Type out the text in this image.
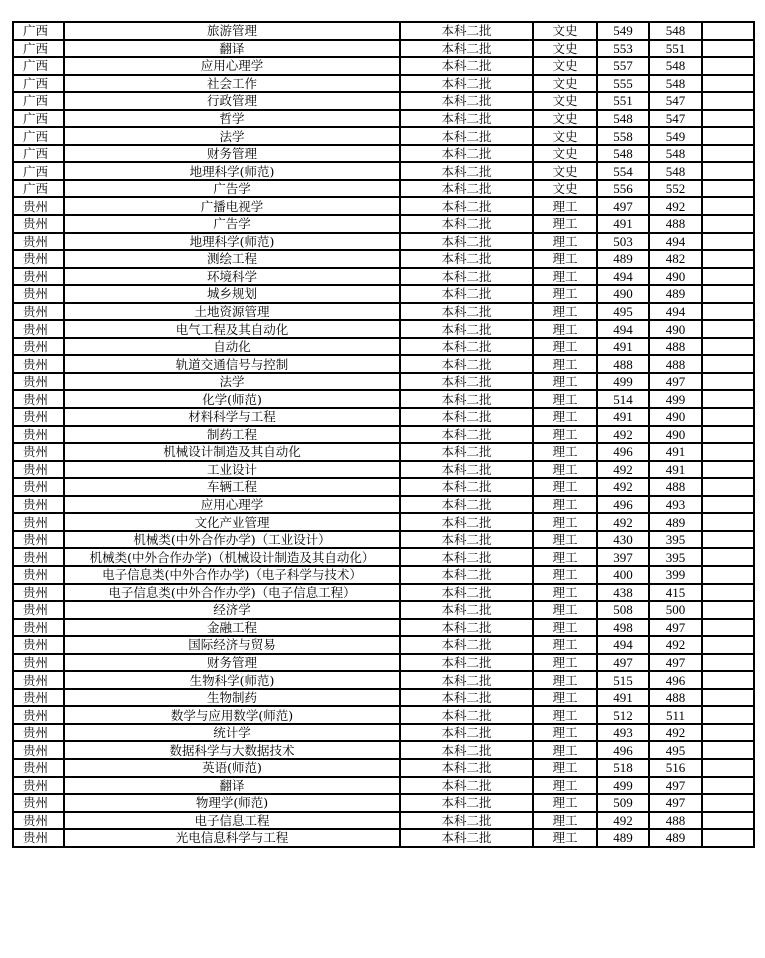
广西	旅游管理	本科二批	文史	549	548	
广西	翻译	本科二批	文史	553	551	
广西	应用心理学	本科二批	文史	557	548	
广西	社会工作	本科二批	文史	555	548	
广西	行政管理	本科二批	文史	551	547	
广西	哲学	本科二批	文史	548	547	
广西	法学	本科二批	文史	558	549	
广西	财务管理	本科二批	文史	548	548	
广西	地理科学(师范)	本科二批	文史	554	548	
广西	广告学	本科二批	文史	556	552	
贵州	广播电视学	本科二批	理工	497	492	
贵州	广告学	本科二批	理工	491	488	
贵州	地理科学(师范)	本科二批	理工	503	494	
贵州	测绘工程	本科二批	理工	489	482	
贵州	环境科学	本科二批	理工	494	490	
贵州	城乡规划	本科二批	理工	490	489	
贵州	土地资源管理	本科二批	理工	495	494	
贵州	电气工程及其自动化	本科二批	理工	494	490	
贵州	自动化	本科二批	理工	491	488	
贵州	轨道交通信号与控制	本科二批	理工	488	488	
贵州	法学	本科二批	理工	499	497	
贵州	化学(师范)	本科二批	理工	514	499	
贵州	材料科学与工程	本科二批	理工	491	490	
贵州	制药工程	本科二批	理工	492	490	
贵州	机械设计制造及其自动化	本科二批	理工	496	491	
贵州	工业设计	本科二批	理工	492	491	
贵州	车辆工程	本科二批	理工	492	488	
贵州	应用心理学	本科二批	理工	496	493	
贵州	文化产业管理	本科二批	理工	492	489	
贵州	机械类(中外合作办学)（工业设计）	本科二批	理工	430	395	
贵州	机械类(中外合作办学)（机械设计制造及其自动化）	本科二批	理工	397	395	
贵州	电子信息类(中外合作办学)（电子科学与技术）	本科二批	理工	400	399	
贵州	电子信息类(中外合作办学)（电子信息工程）	本科二批	理工	438	415	
贵州	经济学	本科二批	理工	508	500	
贵州	金融工程	本科二批	理工	498	497	
贵州	国际经济与贸易	本科二批	理工	494	492	
贵州	财务管理	本科二批	理工	497	497	
贵州	生物科学(师范)	本科二批	理工	515	496	
贵州	生物制药	本科二批	理工	491	488	
贵州	数学与应用数学(师范)	本科二批	理工	512	511	
贵州	统计学	本科二批	理工	493	492	
贵州	数据科学与大数据技术	本科二批	理工	496	495	
贵州	英语(师范)	本科二批	理工	518	516	
贵州	翻译	本科二批	理工	499	497	
贵州	物理学(师范)	本科二批	理工	509	497	
贵州	电子信息工程	本科二批	理工	492	488	
贵州	光电信息科学与工程	本科二批	理工	489	489	
